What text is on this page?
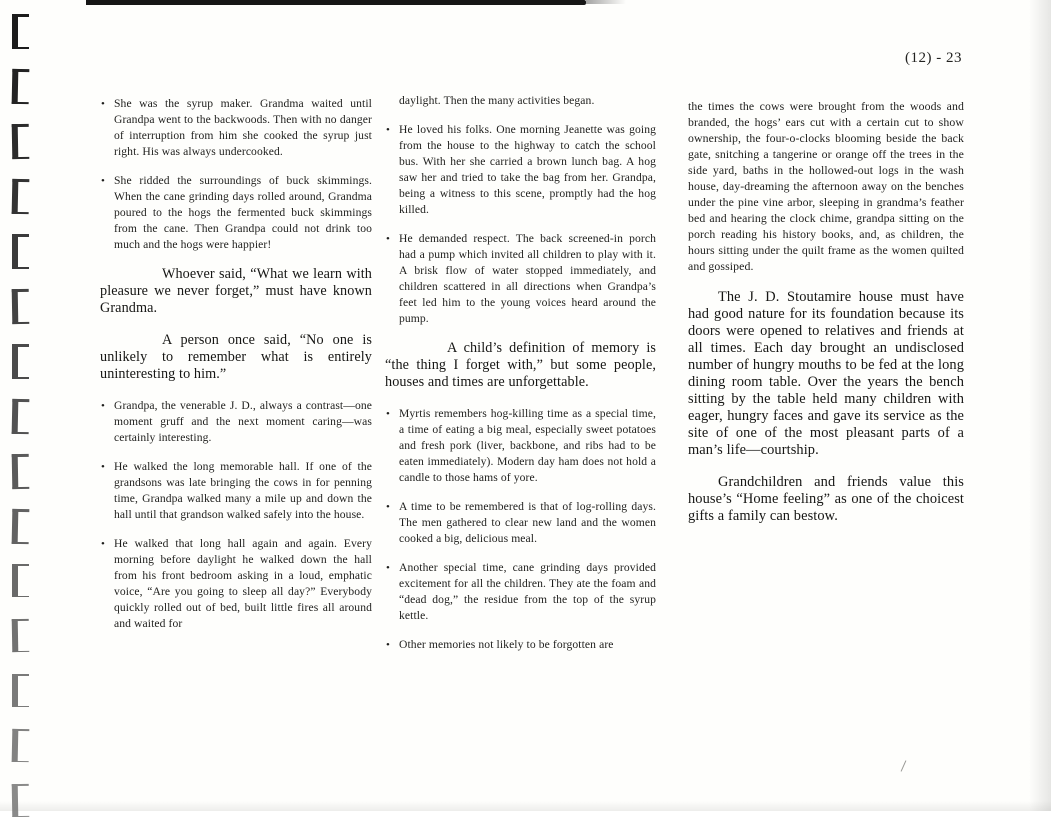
(12) - 23
• She was the syrup maker. Grandma waited until Grandpa went to the backwoods. Then with no danger of interruption from him she cooked the syrup just right. His was always undercooked.
• She ridded the surroundings of buck skimmings. When the cane grinding days rolled around, Grandma poured to the hogs the fermented buck skimmings from the cane. Then Grandpa could not drink too much and the hogs were happier!
Whoever said, “What we learn with pleasure we never forget,” must have known Grandma.
A person once said, “No one is unlikely to remember what is entirely uninteresting to him.”
• Grandpa, the venerable J. D., always a contrast—one moment gruff and the next moment caring—was certainly interesting.
• He walked the long memorable hall. If one of the grandsons was late bringing the cows in for penning time, Grandpa walked many a mile up and down the hall until that grandson walked safely into the house.
• He walked that long hall again and again. Every morning before daylight he walked down the hall from his front bedroom asking in a loud, emphatic voice, “Are you going to sleep all day?” Everybody quickly rolled out of bed, built little fires all around and waited for
daylight. Then the many activities began.
• He loved his folks. One morning Jeanette was going from the house to the highway to catch the school bus. With her she carried a brown lunch bag. A hog saw her and tried to take the bag from her. Grandpa, being a witness to this scene, promptly had the hog killed.
• He demanded respect. The back screened-in porch had a pump which invited all children to play with it. A brisk flow of water stopped immediately, and children scattered in all directions when Grandpa’s feet led him to the young voices heard around the pump.
A child’s definition of memory is “the thing I forget with,” but some people, houses and times are unforgettable.
• Myrtis remembers hog-killing time as a special time, a time of eating a big meal, especially sweet potatoes and fresh pork (liver, backbone, and ribs had to be eaten immediately). Modern day ham does not hold a candle to those hams of yore.
• A time to be remembered is that of log-rolling days. The men gathered to clear new land and the women cooked a big, delicious meal.
• Another special time, cane grinding days provided excitement for all the children. They ate the foam and “dead dog,” the residue from the top of the syrup kettle.
• Other memories not likely to be forgotten are
the times the cows were brought from the woods and branded, the hogs’ ears cut with a certain cut to show ownership, the four-o-clocks blooming beside the back gate, snitching a tangerine or orange off the trees in the side yard, baths in the hollowed-out logs in the wash house, day-dreaming the afternoon away on the benches under the pine vine arbor, sleeping in grandma’s feather bed and hearing the clock chime, grandpa sitting on the porch reading his history books, and, as children, the hours sitting under the quilt frame as the women quilted and gossiped.
The J. D. Stoutamire house must have had good nature for its foundation because its doors were opened to relatives and friends at all times. Each day brought an undisclosed number of hungry mouths to be fed at the long dining room table. Over the years the bench sitting by the table held many children with eager, hungry faces and gave its service as the site of one of the most pleasant parts of a man’s life—courtship.
Grandchildren and friends value this house’s “Home feeling” as one of the choicest gifts a family can bestow.
